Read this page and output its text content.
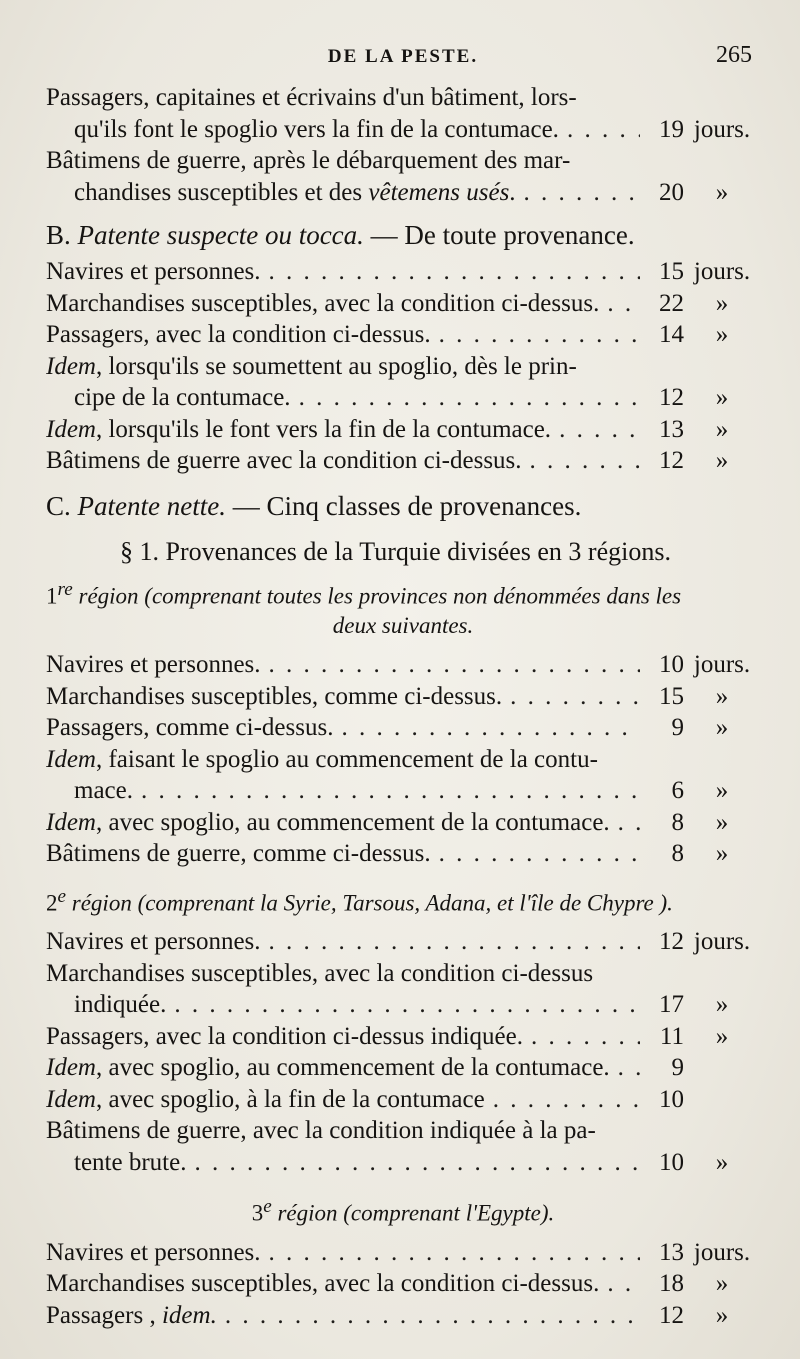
DE LA PESTE.	265
Passagers, capitaines et écrivains d'un bâtiment, lors-
qu'ils font le spoglio vers la fin de la contumace. . . .	19 jours.
Bâtimens de guerre, après le débarquement des mar-
chandises susceptibles et des vêtemens usés. . . .	20	»
B. Patente suspecte ou tocca. — De toute provenance.
Navires et personnes. . . .	15 jours.
Marchandises susceptibles, avec la condition ci-dessus. . . .	22	»
Passagers, avec la condition ci-dessus. . . .	14	»
Idem, lorsqu'ils se soumettent au spoglio, dès le prin-
cipe de la contumace. . . .	12	»
Idem, lorsqu'ils le font vers la fin de la contumace. . . .	13	»
Bâtimens de guerre avec la condition ci-dessus. . . .	12	»
C. Patente nette. — Cinq classes de provenances.
§ 1. Provenances de la Turquie divisées en 3 régions.
1re région (comprenant toutes les provinces non dénommées dans les
deux suivantes.
Navires et personnes. . . .	10 jours.
Marchandises susceptibles, comme ci-dessus. . . .	15	»
Passagers, comme ci-dessus. . . .	9	»
Idem, faisant le spoglio au commencement de la contu-
mace. . . .	6	»
Idem, avec spoglio, au commencement de la contumace. . . .	8	»
Bâtimens de guerre, comme ci-dessus. . . .	8	»
2e région (comprenant la Syrie, Tarsous, Adana, et l'île de Chypre ).
Navires et personnes. . . .	12 jours.
Marchandises susceptibles, avec la condition ci-dessus
indiquée. . . .	17	»
Passagers, avec la condition ci-dessus indiquée. . . .	11	»
Idem, avec spoglio, au commencement de la contumace. . . .	9
Idem, avec spoglio, à la fin de la contumace . . .	10
Bâtimens de guerre, avec la condition indiquée à la pa-
tente brute. . . .	10	»
3e région (comprenant l'Egypte).
Navires et personnes. . . .	13 jours.
Marchandises susceptibles, avec la condition ci-dessus. . . .	18	»
Passagers , idem. . . .	12	»
